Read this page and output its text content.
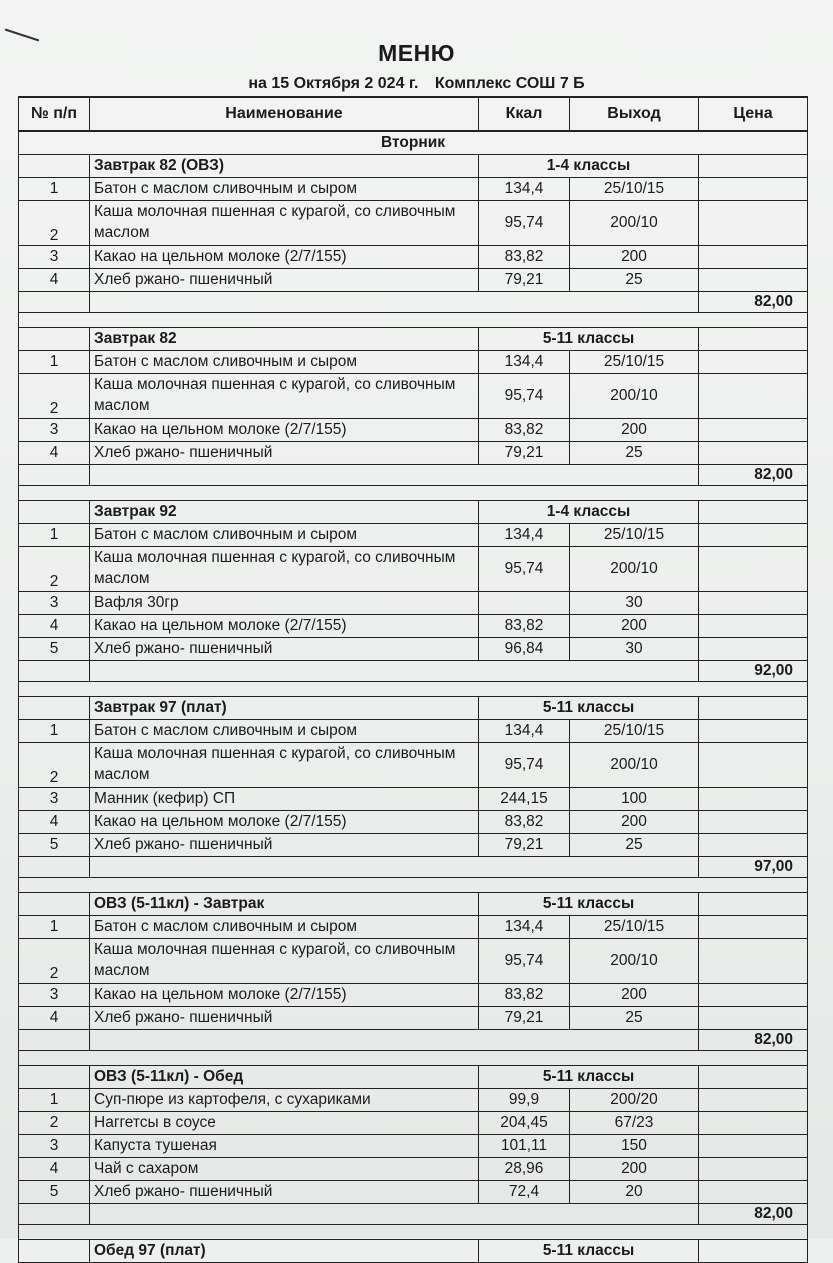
МЕНЮ
на 15 Октября 2 024 г. Комплекс СОШ 7 Б
№ п/п	Наименование	Ккал	Выход	Цена
Вторник				
	Завтрак 82 (ОВЗ)	1-4 классы		
1	Батон с маслом сливочным и сыром	134,4	25/10/15	
2	Каша молочная пшенная с курагой, со сливочным маслом	95,74	200/10	
3	Какао на цельном молоке (2/7/155)	83,82	200	
4	Хлеб ржано- пшеничный	79,21	25	
				82,00

	Завтрак 82	5-11 классы		
1	Батон с маслом сливочным и сыром	134,4	25/10/15	
2	Каша молочная пшенная с курагой, со сливочным маслом	95,74	200/10	
3	Какао на цельном молоке (2/7/155)	83,82	200	
4	Хлеб ржано- пшеничный	79,21	25	
				82,00

	Завтрак 92	1-4 классы		
1	Батон с маслом сливочным и сыром	134,4	25/10/15	
2	Каша молочная пшенная с курагой, со сливочным маслом	95,74	200/10	
3	Вафля 30гр		30	
4	Какао на цельном молоке (2/7/155)	83,82	200	
5	Хлеб ржано- пшеничный	96,84	30	
				92,00

	Завтрак 97 (плат)	5-11 классы		
1	Батон с маслом сливочным и сыром	134,4	25/10/15	
2	Каша молочная пшенная с курагой, со сливочным маслом	95,74	200/10	
3	Манник (кефир) СП	244,15	100	
4	Какао на цельном молоке (2/7/155)	83,82	200	
5	Хлеб ржано- пшеничный	79,21	25	
				97,00

	ОВЗ (5-11кл) - Завтрак	5-11 классы		
1	Батон с маслом сливочным и сыром	134,4	25/10/15	
2	Каша молочная пшенная с курагой, со сливочным маслом	95,74	200/10	
3	Какао на цельном молоке (2/7/155)	83,82	200	
4	Хлеб ржано- пшеничный	79,21	25	
				82,00

	ОВЗ (5-11кл) - Обед	5-11 классы		
1	Суп-пюре из картофеля, с сухариками	99,9	200/20	
2	Наггетсы в соусе	204,45	67/23	
3	Капуста тушеная	101,11	150	
4	Чай с сахаром	28,96	200	
5	Хлеб ржано- пшеничный	72,4	20	
				82,00

	Обед 97 (плат)	5-11 классы		
